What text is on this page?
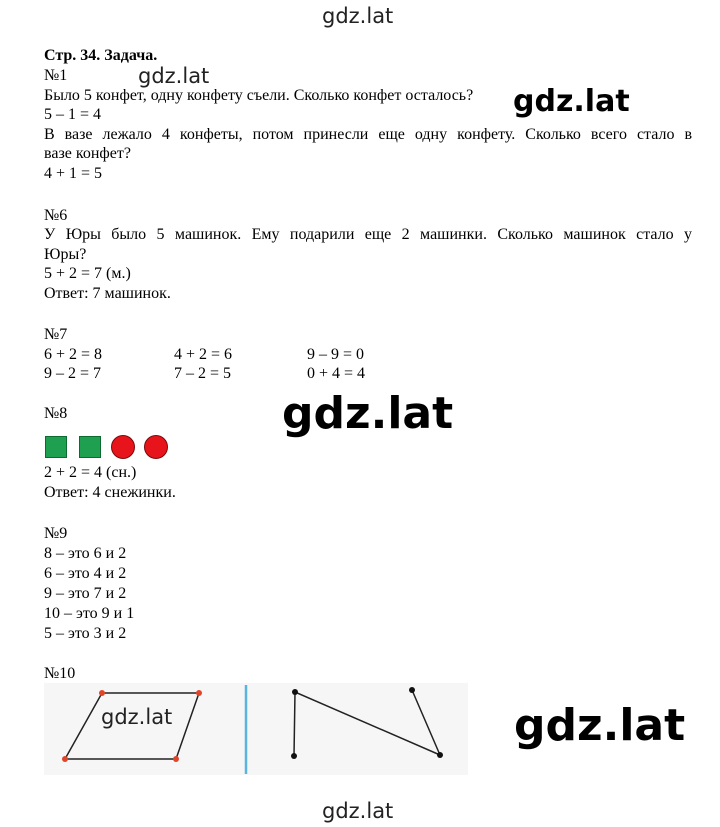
gdz.lat
gdz.lat
gdz.lat
gdz.lat
gdz.lat
gdz.lat
Стр. 34. Задача.
№1
Было 5 конфет, одну конфету съели. Сколько конфет осталось?
5 – 1 = 4
В вазе лежало 4 конфеты, потом принесли еще одну конфету. Сколько всего стало в
вазе конфет?
4 + 1 = 5
№6
У Юры было 5 машинок. Ему подарили еще 2 машинки. Сколько машинок стало у
Юры?
5 + 2 = 7 (м.)
Ответ: 7 машинок.
№7
6 + 2 = 8	4 + 2 = 6	9 – 9 = 0
9 – 2 = 7	7 – 2 = 5	0 + 4 = 4
№8
2 + 2 = 4 (сн.)
Ответ: 4 снежинки.
№9
8 – это 6 и 2
6 – это 4 и 2
9 – это 7 и 2
10 – это 9 и 1
5 – это 3 и 2
№10
gdz.lat
